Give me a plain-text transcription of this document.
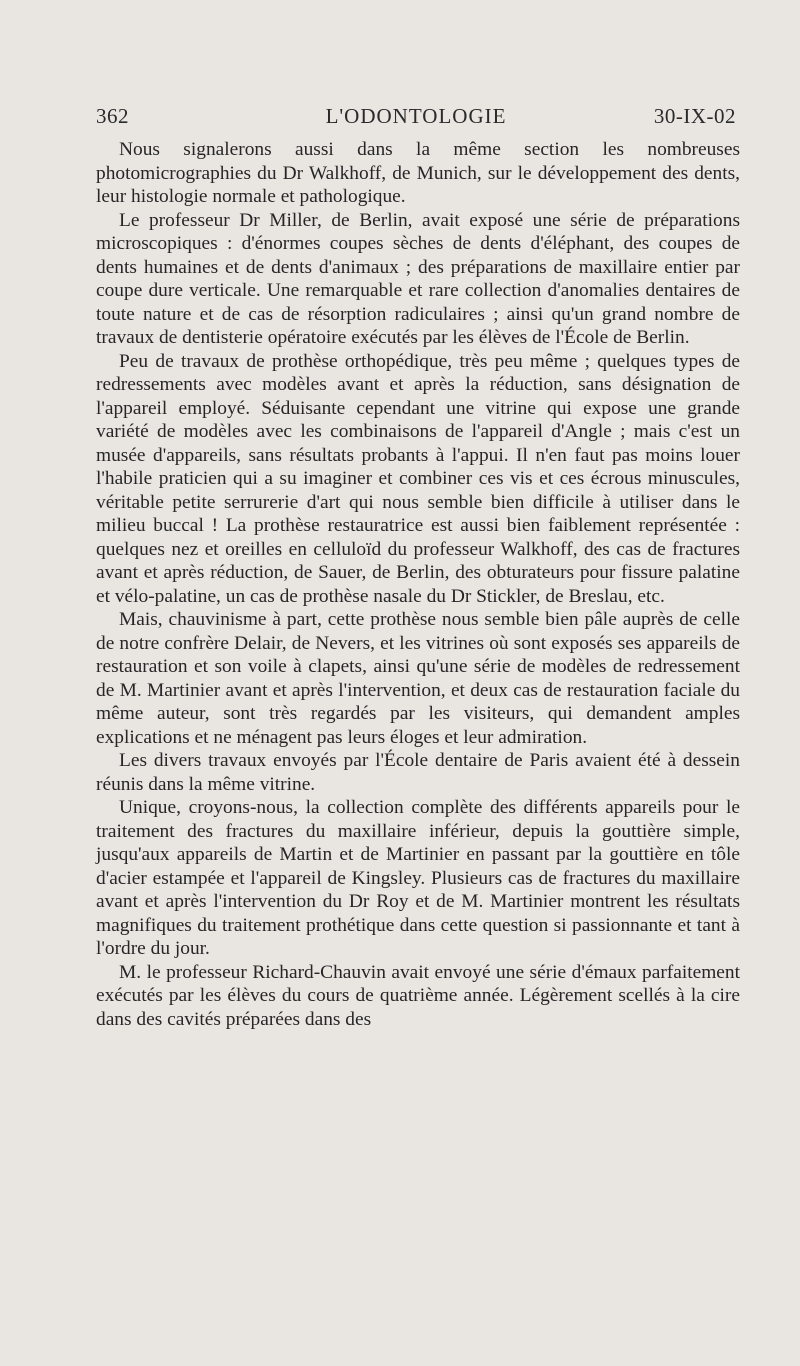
362	L'ODONTOLOGIE	30-IX-02

Nous signalerons aussi dans la même section les nombreuses photomicrographies du Dr Walkhoff, de Munich, sur le développement des dents, leur histologie normale et pathologique.

Le professeur Dr Miller, de Berlin, avait exposé une série de préparations microscopiques : d'énormes coupes sèches de dents d'éléphant, des coupes de dents humaines et de dents d'animaux ; des préparations de maxillaire entier par coupe dure verticale. Une remarquable et rare collection d'anomalies dentaires de toute nature et de cas de résorption radiculaires ; ainsi qu'un grand nombre de travaux de dentisterie opératoire exécutés par les élèves de l'École de Berlin.

Peu de travaux de prothèse orthopédique, très peu même ; quelques types de redressements avec modèles avant et après la réduction, sans désignation de l'appareil employé. Séduisante cependant une vitrine qui expose une grande variété de modèles avec les combinaisons de l'appareil d'Angle ; mais c'est un musée d'appareils, sans résultats probants à l'appui. Il n'en faut pas moins louer l'habile praticien qui a su imaginer et combiner ces vis et ces écrous minuscules, véritable petite serrurerie d'art qui nous semble bien difficile à utiliser dans le milieu buccal ! La prothèse restauratrice est aussi bien faiblement représentée : quelques nez et oreilles en celluloïd du professeur Walkhoff, des cas de fractures avant et après réduction, de Sauer, de Berlin, des obturateurs pour fissure palatine et vélo-palatine, un cas de prothèse nasale du Dr Stickler, de Breslau, etc.

Mais, chauvinisme à part, cette prothèse nous semble bien pâle auprès de celle de notre confrère Delair, de Nevers, et les vitrines où sont exposés ses appareils de restauration et son voile à clapets, ainsi qu'une série de modèles de redressement de M. Martinier avant et après l'intervention, et deux cas de restauration faciale du même auteur, sont très regardés par les visiteurs, qui demandent amples explications et ne ménagent pas leurs éloges et leur admiration.

Les divers travaux envoyés par l'École dentaire de Paris avaient été à dessein réunis dans la même vitrine.

Unique, croyons-nous, la collection complète des différents appareils pour le traitement des fractures du maxillaire inférieur, depuis la gouttière simple, jusqu'aux appareils de Martin et de Martinier en passant par la gouttière en tôle d'acier estampée et l'appareil de Kingsley. Plusieurs cas de fractures du maxillaire avant et après l'intervention du Dr Roy et de M. Martinier montrent les résultats magnifiques du traitement prothétique dans cette question si passionnante et tant à l'ordre du jour.

M. le professeur Richard-Chauvin avait envoyé une série d'émaux parfaitement exécutés par les élèves du cours de quatrième année. Légèrement scellés à la cire dans des cavités préparées dans des
